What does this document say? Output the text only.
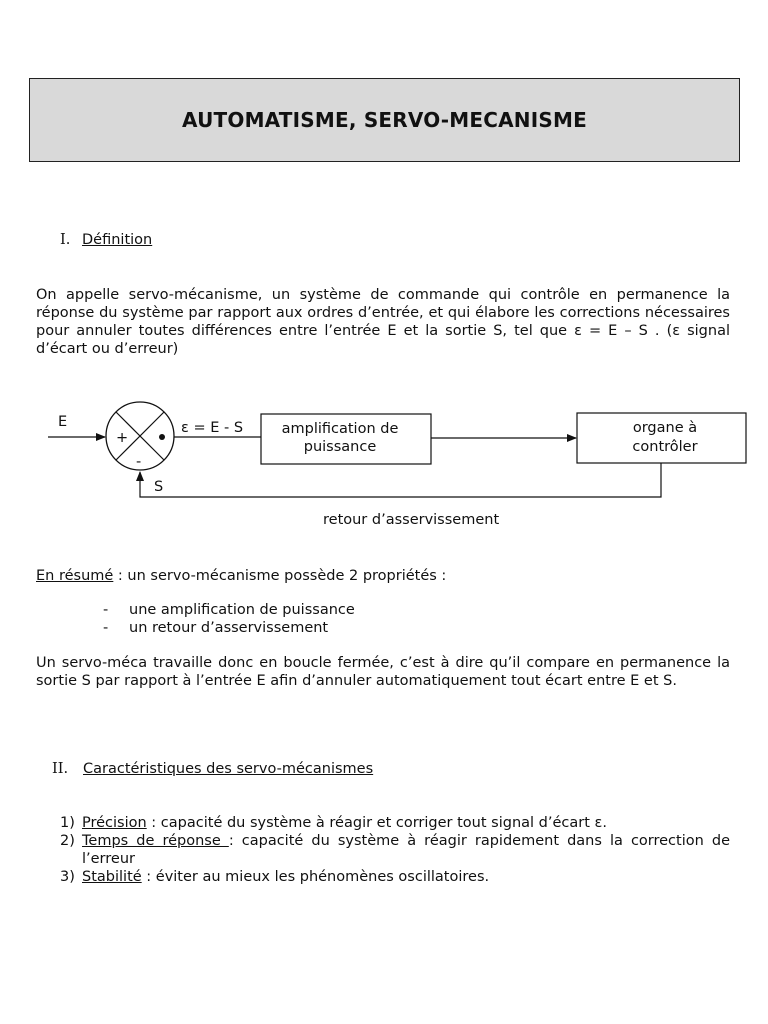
AUTOMATISME, SERVO-MECANISME
I. Définition
On appelle servo-mécanisme, un système de commande qui contrôle en permanence la réponse du système par rapport aux ordres d’entrée, et qui élabore les corrections nécessaires pour annuler toutes différences entre l’entrée E et la sortie S, tel que ε = E – S . (ε signal d’écart ou d’erreur)
E
+
-
ε = E - S	amplification de
puissance
organe à
contrôler
S
retour d’asservissement
En résumé : un servo-mécanisme possède 2 propriétés :
- une amplification de puissance
- un retour d’asservissement
Un servo-méca travaille donc en boucle fermée, c’est à dire qu’il compare en permanence la sortie S par rapport à l’entrée E afin d’annuler automatiquement tout écart entre E et S.
II. Caractéristiques des servo-mécanismes
1) Précision : capacité du système à réagir et corriger tout signal d’écart ε.
2) Temps de réponse : capacité du système à réagir rapidement dans la correction de l’erreur
3) Stabilité : éviter au mieux les phénomènes oscillatoires.
